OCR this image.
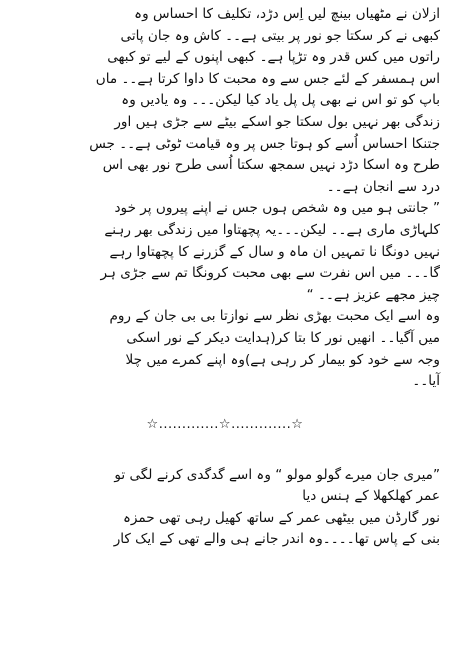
ازلان نے مٹھیاں بینچ لیں اِس دڑد، تکلیف کا احساس وہ
کبھی نے کر سکتا جو نور پر بیتی ہے۔۔ کاش وہ جان پاتی
راتوں میں کس قدر وہ تڑپا ہے۔ کبھی اپنوں کے لیے تو کبھی
اس ہمسفر کے لئے جس سے وہ محبت کا داوا کرتا ہے۔۔ ماں
باپ کو تو اس نے بھی پل پل یاد کیا لیکن۔۔۔ وہ یادیں وہ
زندگی بھر نہیں بول سکتا جو اسکے بیٹے سے جڑی ہیں اور
جتنکا احساس اُسے کو ہوتا جس پر وہ قیامت ٹوٹی ہے۔۔ جس
طرح وہ اسکا دڑد نہیں سمجھ سکتا اُسی طرح نور بھی اس
درد سے انجان ہے۔۔

” جانتی ہو میں وہ شخص ہوں جس نے اپنے پیروں پر خود
کلہاڑی ماری ہے۔۔ لیکن۔۔۔یہ پچھتاوا میں زندگی بھر رہنے
نہیں دونگا نا تمہیں ان ماہ و سال کے گزرنے کا پچھتاوا رہے
گا۔۔۔ میں اس نفرت سے بھی محبت کرونگا تم سے جڑی ہر
چیز مجھے عزیز ہے۔۔ “

وہ اسے ایک محبت بھڑی نظر سے نوازتا بی بی جان کے روم
میں آگیا۔۔ انھیں نور کا بتا کر(ہدایت دیکر کے نور اسکی
وجہ سے خود کو بیمار کر رہی ہے)وہ اپنے کمرے میں چلا
آیا۔۔

☆.............☆.............☆

”میری جان میرے گولو مولو “ وہ اسے گدگدی کرنے لگی تو
عمر کھلکھلا کے ہنس دیا

نور گارڈن میں بیٹھی عمر کے ساتھ کھیل رہی تھی حمزہ
بنی کے پاس تھا۔۔۔۔وہ اندر جانے ہی والے تھی کے ایک کار
